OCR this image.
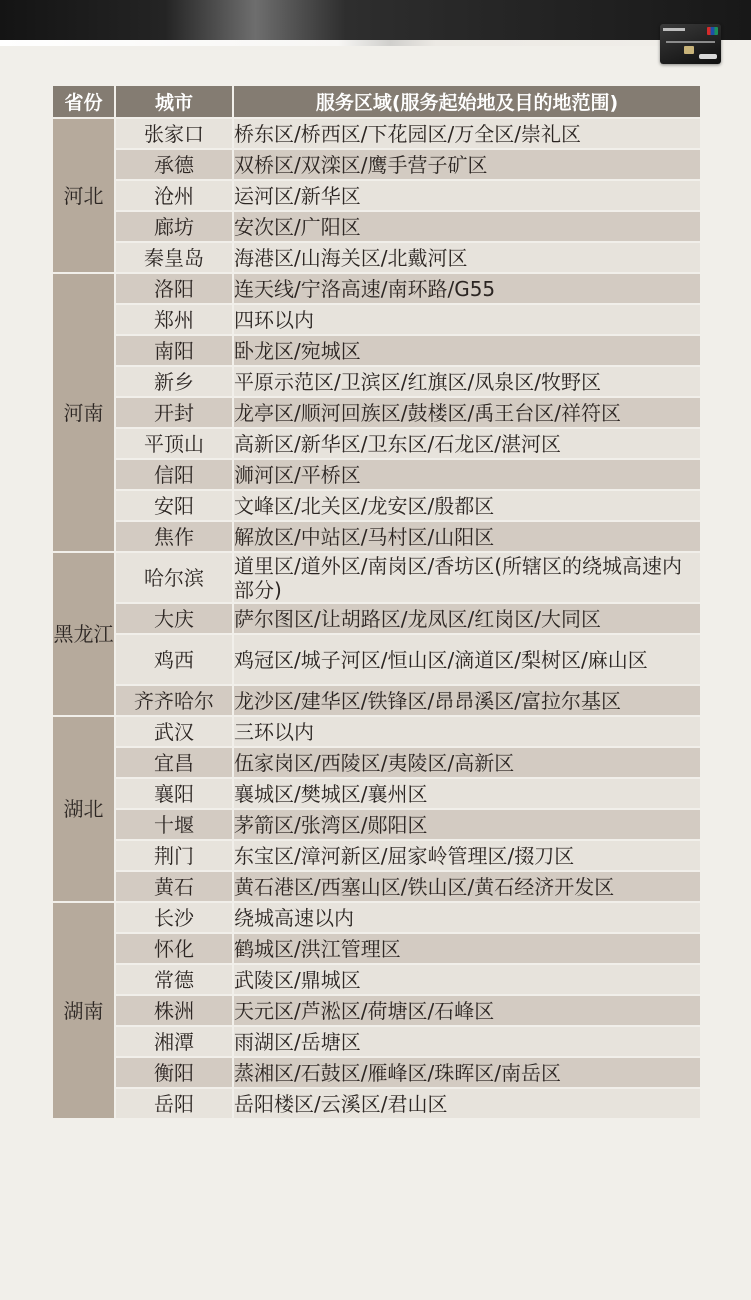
省份	城市	服务区域(服务起始地及目的地范围)
河北	张家口	桥东区/桥西区/下花园区/万全区/崇礼区
	承德	双桥区/双滦区/鹰手营子矿区
	沧州	运河区/新华区
	廊坊	安次区/广阳区
	秦皇岛	海港区/山海关区/北戴河区
河南	洛阳	连天线/宁洛高速/南环路/G55
	郑州	四环以内
	南阳	卧龙区/宛城区
	新乡	平原示范区/卫滨区/红旗区/凤泉区/牧野区
	开封	龙亭区/顺河回族区/鼓楼区/禹王台区/祥符区
	平顶山	高新区/新华区/卫东区/石龙区/湛河区
	信阳	浉河区/平桥区
	安阳	文峰区/北关区/龙安区/殷都区
	焦作	解放区/中站区/马村区/山阳区
黑龙江	哈尔滨	道里区/道外区/南岗区/香坊区(所辖区的绕城高速内部分)
	大庆	萨尔图区/让胡路区/龙凤区/红岗区/大同区
	鸡西	鸡冠区/城子河区/恒山区/滴道区/梨树区/麻山区
	齐齐哈尔	龙沙区/建华区/铁锋区/昂昂溪区/富拉尔基区
湖北	武汉	三环以内
	宜昌	伍家岗区/西陵区/夷陵区/高新区
	襄阳	襄城区/樊城区/襄州区
	十堰	茅箭区/张湾区/郧阳区
	荆门	东宝区/漳河新区/屈家岭管理区/掇刀区
	黄石	黄石港区/西塞山区/铁山区/黄石经济开发区
湖南	长沙	绕城高速以内
	怀化	鹤城区/洪江管理区
	常德	武陵区/鼎城区
	株洲	天元区/芦淞区/荷塘区/石峰区
	湘潭	雨湖区/岳塘区
	衡阳	蒸湘区/石鼓区/雁峰区/珠晖区/南岳区
	岳阳	岳阳楼区/云溪区/君山区
